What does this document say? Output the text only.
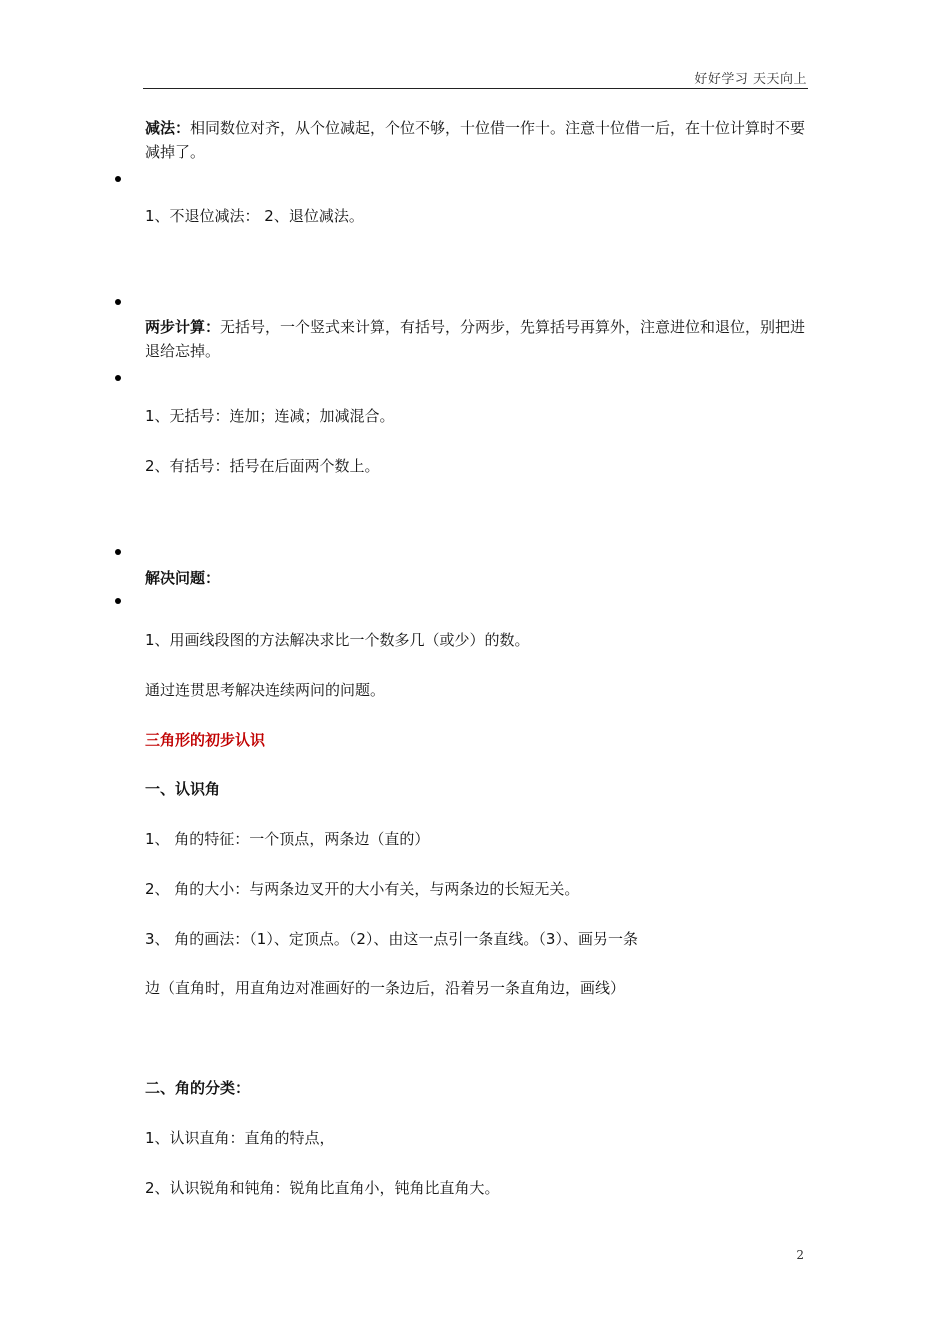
好好学习 天天向上
减法：相同数位对齐，从个位减起，个位不够，十位借一作十。注意十位借一后，在十位计算时不要减掉了。
1、不退位减法： 2、退位减法。
两步计算：无括号，一个竖式来计算，有括号，分两步，先算括号再算外，注意进位和退位，别把进退给忘掉。
1、无括号：连加；连减；加减混合。
2、有括号：括号在后面两个数上。
解决问题：
1、用画线段图的方法解决求比一个数多几（或少）的数。
通过连贯思考解决连续两问的问题。
三角形的初步认识
一、认识角
1、 角的特征：一个顶点，两条边（直的）
2、 角的大小：与两条边叉开的大小有关，与两条边的长短无关。
3、 角的画法：（1）、定顶点。（2）、由这一点引一条直线。（3）、画另一条
边（直角时，用直角边对准画好的一条边后，沿着另一条直角边，画线）
二、角的分类：
1、认识直角：直角的特点，
2、认识锐角和钝角：锐角比直角小，钝角比直角大。
2
